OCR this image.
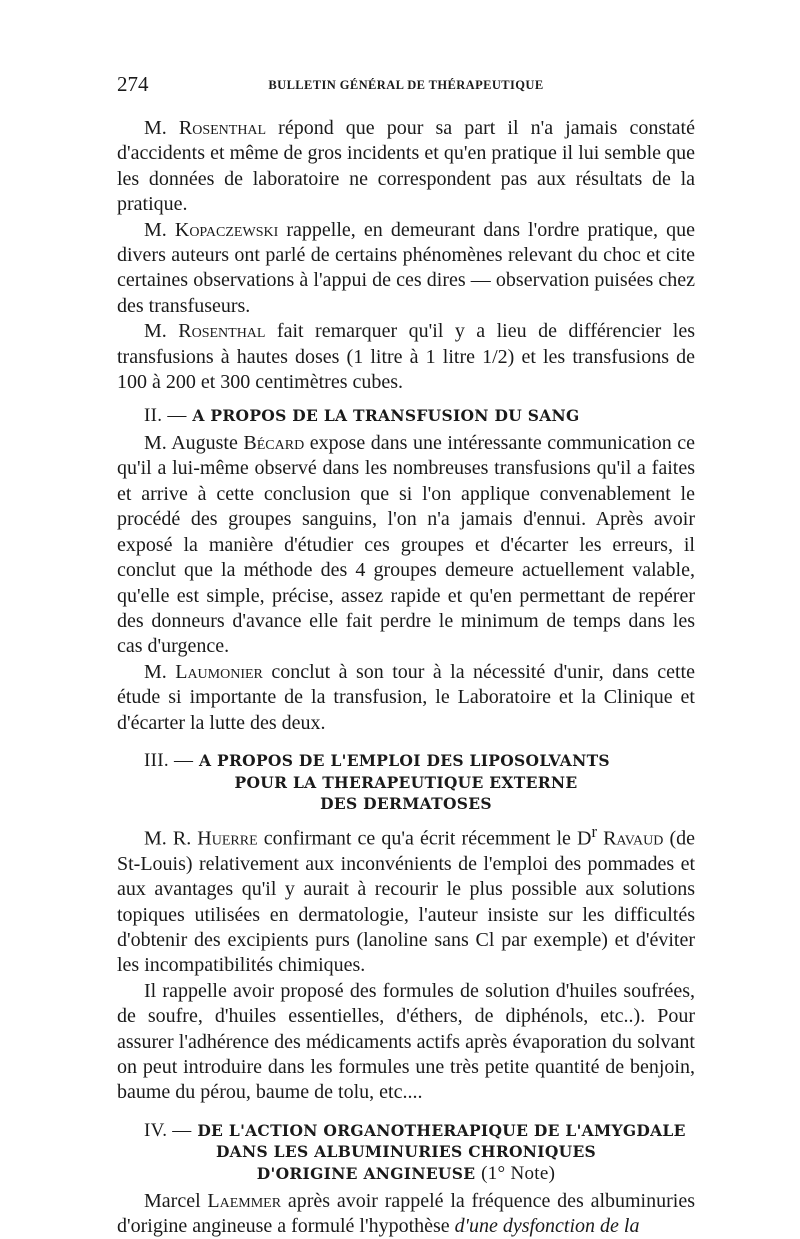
274	BULLETIN GÉNÉRAL DE THÉRAPEUTIQUE

M. Rosenthal répond que pour sa part il n'a jamais constaté d'accidents et même de gros incidents et qu'en pratique il lui semble que les données de laboratoire ne correspondent pas aux résultats de la pratique.

M. Kopaczewski rappelle, en demeurant dans l'ordre pratique, que divers auteurs ont parlé de certains phénomènes relevant du choc et cite certaines observations à l'appui de ces dires — observation puisées chez des transfuseurs.

M. Rosenthal fait remarquer qu'il y a lieu de différencier les transfusions à hautes doses (1 litre à 1 litre 1/2) et les transfusions de 100 à 200 et 300 centimètres cubes.

II. — A PROPOS DE LA TRANSFUSION DU SANG

M. Auguste Bécard expose dans une intéressante communication ce qu'il a lui-même observé dans les nombreuses transfusions qu'il a faites et arrive à cette conclusion que si l'on applique convenablement le procédé des groupes sanguins, l'on n'a jamais d'ennui. Après avoir exposé la manière d'étudier ces groupes et d'écarter les erreurs, il conclut que la méthode des 4 groupes demeure actuellement valable, qu'elle est simple, précise, assez rapide et qu'en permettant de repérer des donneurs d'avance elle fait perdre le minimum de temps dans les cas d'urgence.

M. Laumonier conclut à son tour à la nécessité d'unir, dans cette étude si importante de la transfusion, le Laboratoire et la Clinique et d'écarter la lutte des deux.

III. — A PROPOS DE L'EMPLOI DES LIPOSOLVANTS
POUR LA THERAPEUTIQUE EXTERNE
DES DERMATOSES

M. R. Huerre confirmant ce qu'a écrit récemment le $D^r$ Ravaud (de St-Louis) relativement aux inconvénients de l'emploi des pommades et aux avantages qu'il y aurait à recourir le plus possible aux solutions topiques utilisées en dermatologie, l'auteur insiste sur les difficultés d'obtenir des excipients purs (lanoline sans Cl par exemple) et d'éviter les incompatibilités chimiques.

Il rappelle avoir proposé des formules de solution d'huiles soufrées, de soufre, d'huiles essentielles, d'éthers, de diphénols, etc..). Pour assurer l'adhérence des médicaments actifs après évaporation du solvant on peut introduire dans les formules une très petite quantité de benjoin, baume du pérou, baume de tolu, etc....

IV. — DE L'ACTION ORGANOTHERAPIQUE DE L'AMYGDALE
DANS LES ALBUMINURIES CHRONIQUES
D'ORIGINE ANGINEUSE (1° Note)

Marcel Laemmer après avoir rappelé la fréquence des albuminuries d'origine angineuse a formulé l'hypothèse d'une dysfonction de la
